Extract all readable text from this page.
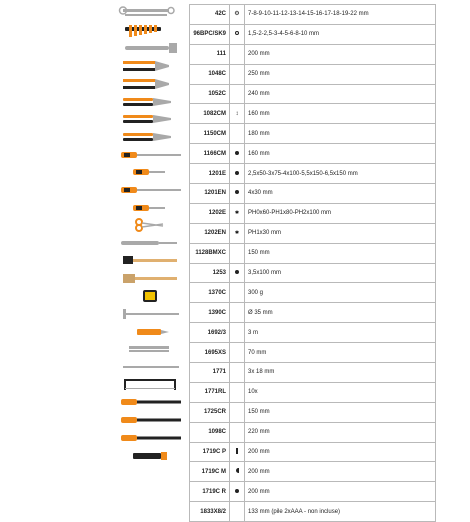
42C	⚙	7-8-9-10-11-12-13-14-15-16-17-18-19-22 mm
96BPC/SK9		1,5-2-2,5-3-4-5-6-8-10 mm
111		200 mm
1048C		250 mm
1052C		240 mm
1082CM	↕	160 mm
1150CM		180 mm
1166CM		160 mm
1201E		2,5x50-3x75-4x100-5,5x150-6,5x150 mm
1201EN		4x30 mm
1202E	✱	PH0x60-PH1x80-PH2x100 mm
1202EN	✱	PH1x30 mm
1128BMXC		150 mm
1253		3,5x100 mm
1370C		300 g
1390C		Ø 35 mm
1692/3		3 m
1695XS		70 mm
1771		3x 18 mm
1771RL		10x
1725CR		150 mm
1098C		220 mm
1719C P		200 mm
1719C M		200 mm
1719C R		200 mm
1833X8/2		133 mm (pile 2xAAA - non incluse)
